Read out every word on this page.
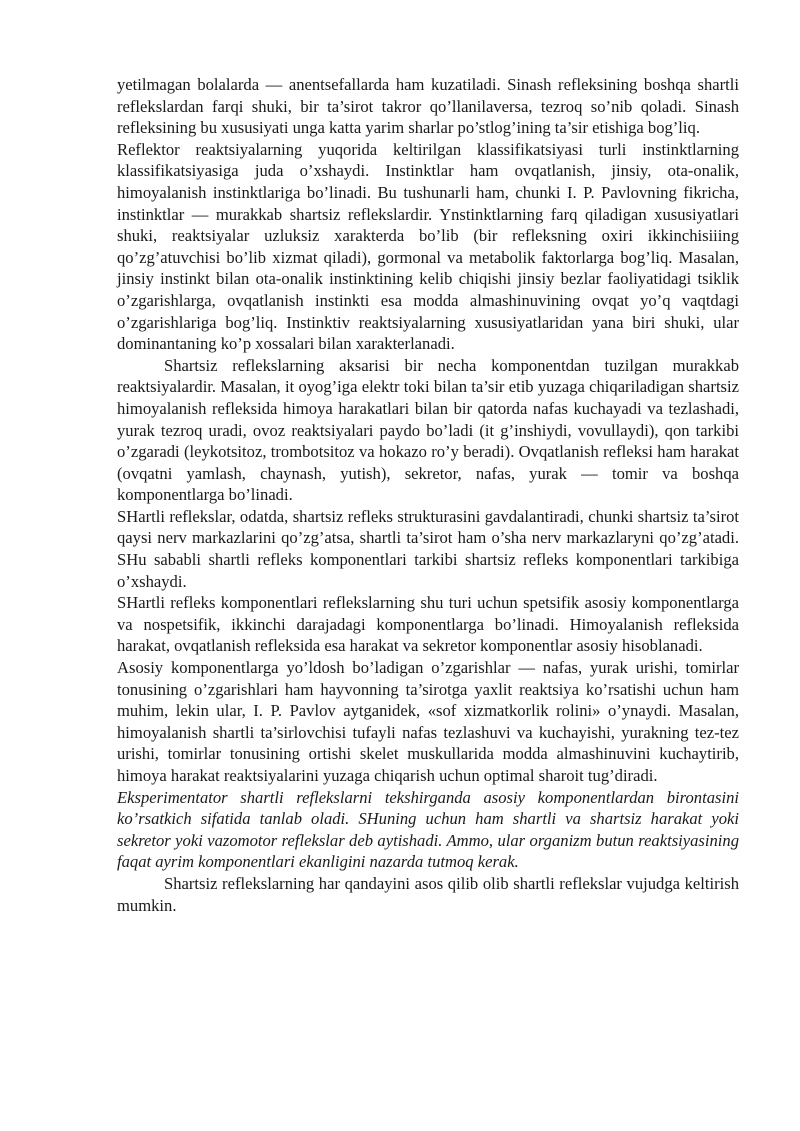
yetilmagan bolalarda — anentsefallarda ham kuzatiladi. Sinash refleksining boshqa shartli reflekslardan farqi shuki, bir ta’sirot takror qo’llanilaversa, tezroq so’nib qoladi. Sinash refleksining bu xususiyati unga katta yarim sharlar po’stlog’ining ta’sir etishiga bog’liq.

Reflektor reaktsiyalarning yuqorida keltirilgan klassifikatsiyasi turli instinktlarning klassifikatsiyasiga juda o’xshaydi. Instinktlar ham ovqatlanish, jinsiy, ota-onalik, himoyalanish instinktlariga bo’linadi. Bu tushunarli ham, chunki I. P. Pavlovning fikricha, instinktlar — murakkab shartsiz reflekslardir. Ynstinktlarning farq qiladigan xususiyatlari shuki, reaktsiyalar uzluksiz xarakterda bo’lib (bir refleksning oxiri ikkinchisiiing qo’zg’atuvchisi bo’lib xizmat qiladi), gormonal va metabolik faktorlarga bog’liq. Masalan, jinsiy instinkt bilan ota-onalik instinktining kelib chiqishi jinsiy bezlar faoliyatidagi tsiklik o’zgarishlarga, ovqatlanish instinkti esa modda almashinuvining ovqat yo’q vaqtdagi o’zgarishlariga bog’liq. Instinktiv reaktsiyalarning xususiyatlaridan yana biri shuki, ular dominantaning ko’p xossalari bilan xarakterlanadi.

Shartsiz reflekslarning aksarisi bir necha komponentdan tuzilgan murakkab reaktsiyalardir. Masalan, it oyog’iga elektr toki bilan ta’sir etib yuzaga chiqariladigan shartsiz himoyalanish refleksida himoya harakatlari bilan bir qatorda nafas kuchayadi va tezlashadi, yurak tezroq uradi, ovoz reaktsiyalari paydo bo’ladi (it g’inshiydi, vovullaydi), qon tarkibi o’zgaradi (leykotsitoz, trombotsitoz va hokazo ro’y beradi). Ovqatlanish refleksi ham harakat (ovqatni yamlash, chaynash, yutish), sekretor, nafas, yurak — tomir va boshqa komponentlarga bo’linadi.

SHartli reflekslar, odatda, shartsiz refleks strukturasini gavdalantiradi, chunki shartsiz ta’sirot qaysi nerv markazlarini qo’zg’atsa, shartli ta’sirot ham o’sha nerv markazlaryni qo’zg’atadi. SHu sababli shartli refleks komponentlari tarkibi shartsiz refleks komponentlari tarkibiga o’xshaydi.

SHartli refleks komponentlari reflekslarning shu turi uchun spetsifik asosiy komponentlarga va nospetsifik, ikkinchi darajadagi komponentlarga bo’linadi. Himoyalanish refleksida harakat, ovqatlanish refleksida esa harakat va sekretor komponentlar asosiy hisoblanadi.

Asosiy komponentlarga yo’ldosh bo’ladigan o’zgarishlar — nafas, yurak urishi, tomirlar tonusining o’zgarishlari ham hayvonning ta’sirotga yaxlit reaktsiya ko’rsatishi uchun ham muhim, lekin ular, I. P. Pavlov aytganidek, «sof xizmatkorlik rolini» o’ynaydi. Masalan, himoyalanish shartli ta’sirlovchisi tufayli nafas tezlashuvi va kuchayishi, yurakning tez-tez urishi, tomirlar tonusining ortishi skelet muskullarida modda almashinuvini kuchaytirib, himoya harakat reaktsiyalarini yuzaga chiqarish uchun optimal sharoit tug’diradi.

Eksperimentator shartli reflekslarni tekshirganda asosiy komponentlardan birontasini ko’rsatkich sifatida tanlab oladi. SHuning uchun ham shartli va shartsiz harakat yoki sekretor yoki vazomotor reflekslar deb aytishadi. Ammo, ular organizm butun reaktsiyasining faqat ayrim komponentlari ekanligini nazarda tutmoq kerak.

Shartsiz reflekslarning har qandayini asos qilib olib shartli reflekslar vujudga keltirish mumkin.
